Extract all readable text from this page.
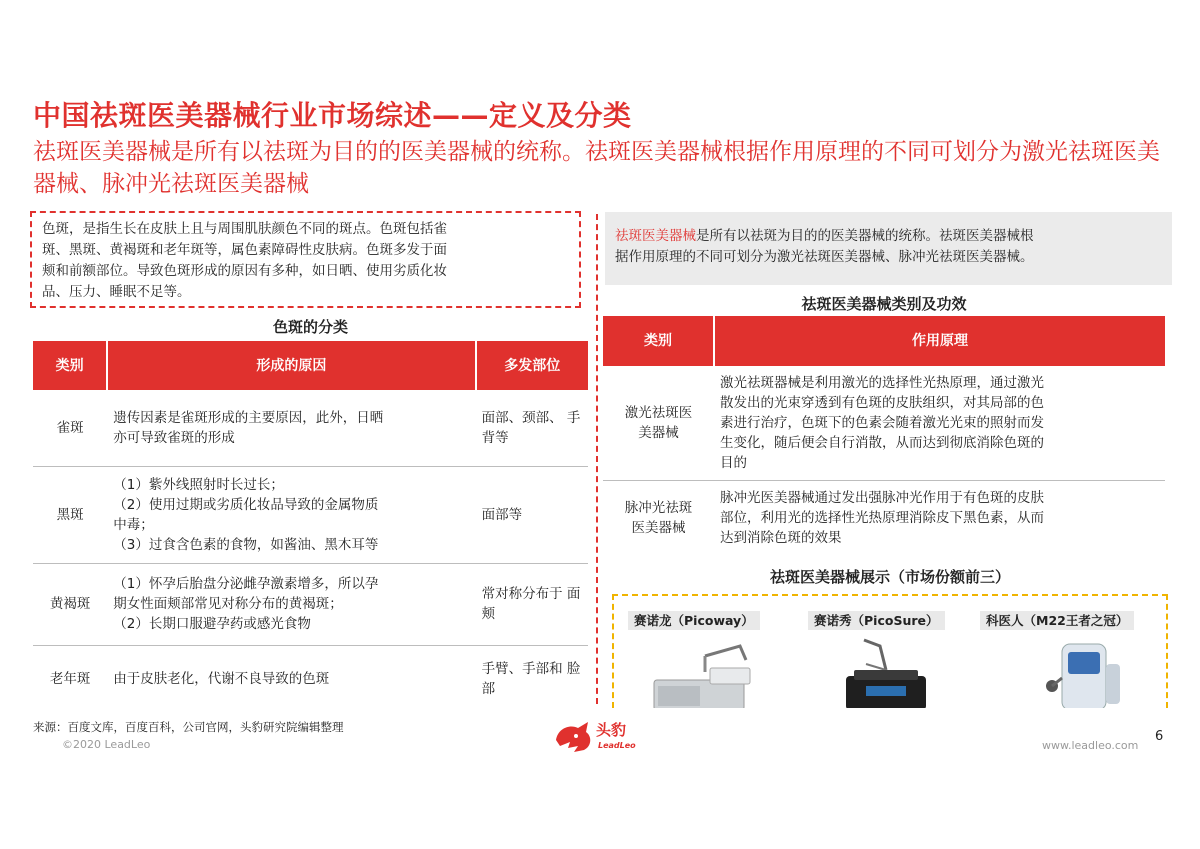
中国祛斑医美器械行业市场综述——定义及分类
祛斑医美器械是所有以祛斑为目的的医美器械的统称。祛斑医美器械根据作用原理的不同可划分为激光祛斑医美器械、脉冲光祛斑医美器械
色斑，是指生长在皮肤上且与周围肌肤颜色不同的斑点。色斑包括雀
斑、黑斑、黄褐斑和老年斑等，属色素障碍性皮肤病。色斑多发于面
颊和前额部位。导致色斑形成的原因有多种，如日晒、使用劣质化妆
品、压力、睡眠不足等。
色斑的分类
类别	形成的原因	多发部位
雀斑	遗传因素是雀斑形成的主要原因，此外，日晒
亦可导致雀斑的形成	面部、颈部、 手背等
黑斑	（1）紫外线照射时长过长；
（2）使用过期或劣质化妆品导致的金属物质
中毒；
（3）过食含色素的食物，如酱油、黑木耳等	面部等
黄褐斑	（1）怀孕后胎盘分泌雌孕激素增多，所以孕
期女性面颊部常见对称分布的黄褐斑；
（2）长期口服避孕药或感光食物	常对称分布于 面颊
老年斑	由于皮肤老化，代谢不良导致的色斑	手臂、手部和 脸部
祛斑医美器械是所有以祛斑为目的的医美器械的统称。祛斑医美器械根
据作用原理的不同可划分为激光祛斑医美器械、脉冲光祛斑医美器械。
祛斑医美器械类别及功效
类别	作用原理

激光祛斑医
美器械	激光祛斑器械是利用激光的选择性光热原理，通过激光
散发出的光束穿透到有色斑的皮肤组织，对其局部的色
素进行治疗，色斑下的色素会随着激光光束的照射而发
生变化，随后便会自行消散，从而达到彻底消除色斑的
目的

脉冲光祛斑
医美器械	脉冲光医美器械通过发出强脉冲光作用于有色斑的皮肤
部位，利用光的选择性光热原理消除皮下黑色素，从而
达到消除色斑的效果
祛斑医美器械展示（市场份额前三）
赛诺龙（Picoway）	赛诺秀（PicoSure）	科医人（M22王者之冠）
来源：百度文库，百度百科，公司官网，头豹研究院编辑整理
©2020 LeadLeo
头豹
LeadLeo	www.leadleo.com
6
